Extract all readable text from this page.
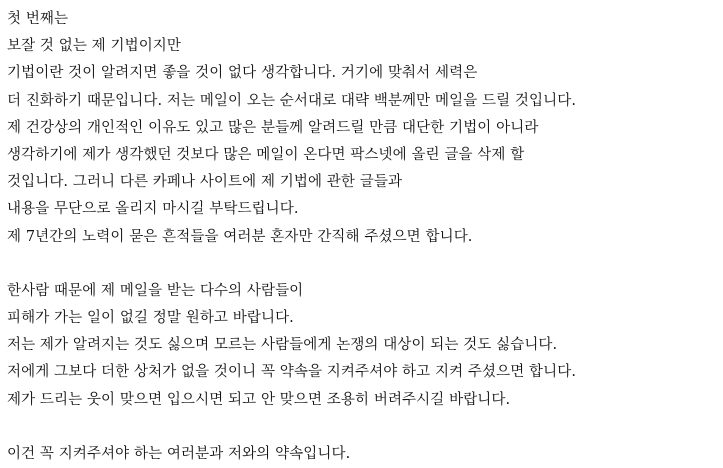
첫 번째는
보잘 것 없는 제 기법이지만
기법이란 것이 알려지면 좋을 것이 없다 생각합니다. 거기에 맞춰서 세력은
더 진화하기 때문입니다. 저는 메일이 오는 순서대로 대략 백분께만 메일을 드릴 것입니다.
제 건강상의 개인적인 이유도 있고 많은 분들께 알려드릴 만큼 대단한 기법이 아니라
생각하기에 제가 생각했던 것보다 많은 메일이 온다면 팍스넷에 올린 글을 삭제 할
것입니다. 그러니 다른 카페나 사이트에 제 기법에 관한 글들과
내용을 무단으로 올리지 마시길 부탁드립니다.
제 7년간의 노력이 묻은 흔적들을 여러분 혼자만 간직해 주셨으면 합니다.
한사람 때문에 제 메일을 받는 다수의 사람들이
피해가 가는 일이 없길 정말 원하고 바랍니다.
저는 제가 알려지는 것도 싫으며 모르는 사람들에게 논쟁의 대상이 되는 것도 싫습니다.
저에게 그보다 더한 상처가 없을 것이니 꼭 약속을 지켜주셔야 하고 지켜 주셨으면 합니다.
제가 드리는 웃이 맞으면 입으시면 되고 안 맞으면 조용히 버려주시길 바랍니다.
이건 꼭 지켜주셔야 하는 여러분과 저와의 약속입니다.
